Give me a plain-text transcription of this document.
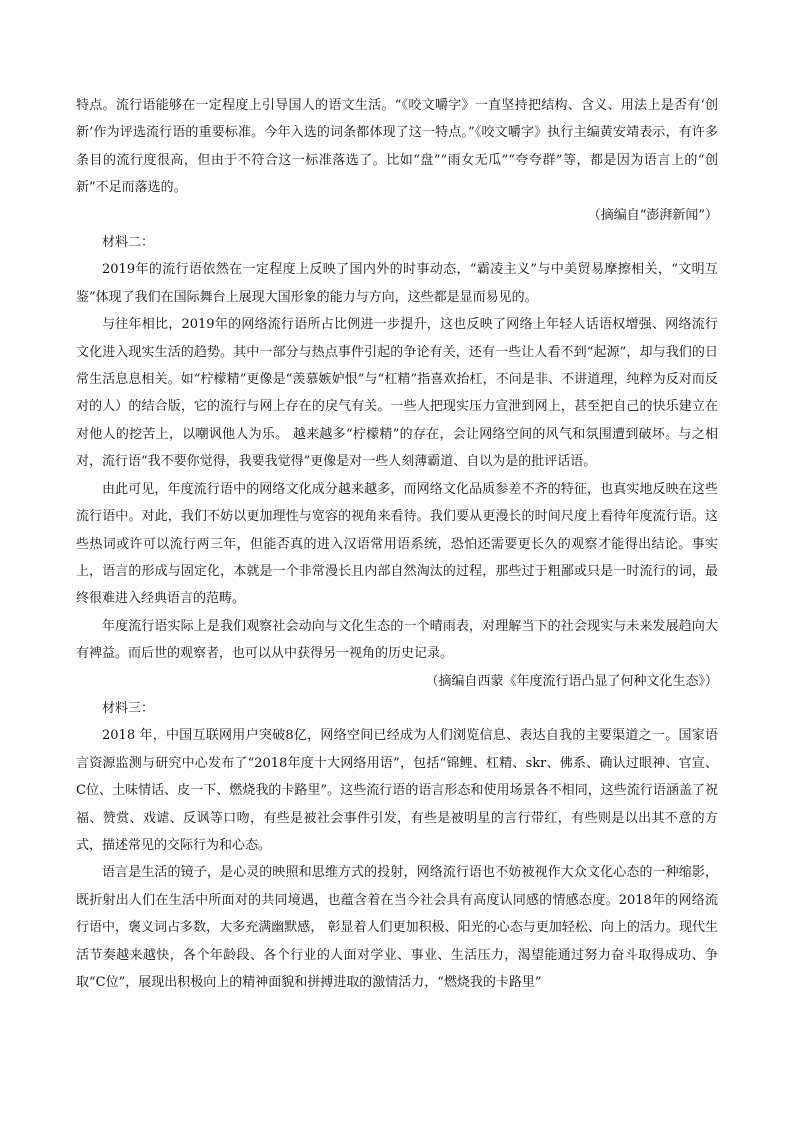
特点。流行语能够在一定程度上引导国人的语文生活。“《咬文嚼字》一直坚持把结构、含义、用法上是否有‘创新’作为评选流行语的重要标准。今年入选的词条都体现了这一特点。”《咬文嚼字》执行主编黄安靖表示，有许多条目的流行度很高，但由于不符合这一标准落选了。比如“盘”“雨女无瓜”“夸夸群”等，都是因为语言上的“创新”不足而落选的。

（摘编自“澎湃新闻”）

材料二：

2019年的流行语依然在一定程度上反映了国内外的时事动态，“霸凌主义”与中美贸易摩擦相关，“文明互鉴”体现了我们在国际舞台上展现大国形象的能力与方向，这些都是显而易见的。

与往年相比，2019年的网络流行语所占比例进一步提升，这也反映了网络上年轻人话语权增强、网络流行文化进入现实生活的趋势。其中一部分与热点事件引起的争论有关，还有一些让人看不到“起源”，却与我们的日常生活息息相关。如“柠檬精”更像是“羡慕嫉妒恨”与“杠精”指喜欢抬杠，不问是非、不讲道理，纯粹为反对而反对的人）的结合版，它的流行与网上存在的戾气有关。一些人把现实压力宣泄到网上，甚至把自己的快乐建立在对他人的挖苦上，以嘲讽他人为乐。 越来越多“柠檬精”的存在，会让网络空间的风气和氛围遭到破坏。与之相对，流行语“我不要你觉得，我要我觉得”更像是对一些人刻薄霸道、自以为是的批评话语。

由此可见，年度流行语中的网络文化成分越来越多，而网络文化品质参差不齐的特征，也真实地反映在这些流行语中。对此，我们不妨以更加理性与宽容的视角来看待。我们要从更漫长的时间尺度上看待年度流行语。这些热词或许可以流行两三年，但能否真的进入汉语常用语系统，恐怕还需要更长久的观察才能得出结论。事实上，语言的形成与固定化，本就是一个非常漫长且内部自然淘汰的过程，那些过于粗鄙或只是一时流行的词，最终很难进入经典语言的范畴。

年度流行语实际上是我们观察社会动向与文化生态的一个晴雨表，对理解当下的社会现实与未来发展趋向大有裨益。而后世的观察者，也可以从中获得另一视角的历史记录。

（摘编自西蒙《年度流行语凸显了何种文化生态》）

材料三：

2018 年，中国互联网用户突破8亿，网络空间已经成为人们浏览信息、表达自我的主要渠道之一。国家语言资源监测与研究中心发布了“2018年度十大网络用语”，包括“锦鲤、杠精、skr、佛系、确认过眼神、官宣、C位、土味情话、皮一下、燃烧我的卡路里”。这些流行语的语言形态和使用场景各不相同，这些流行语涵盖了祝福、赞赏、戏谑、反讽等口吻，有些是被社会事件引发，有些是被明星的言行带红，有些则是以出其不意的方式，描述常见的交际行为和心态。

语言是生活的镜子，是心灵的映照和思维方式的投射，网络流行语也不妨被视作大众文化心态的一种缩影，既折射出人们在生活中所面对的共同境遇，也蕴含着在当今社会具有高度认同感的情感态度。2018年的网络流行语中，褒义词占多数，大多充满幽默感， 彰显着人们更加积极、阳光的心态与更加轻松、向上的活力。现代生活节奏越来越快，各个年龄段、各个行业的人面对学业、事业、生活压力，渴望能通过努力奋斗取得成功、争取“C位”，展现出积极向上的精神面貌和拼搏进取的激情活力，“燃烧我的卡路里”
